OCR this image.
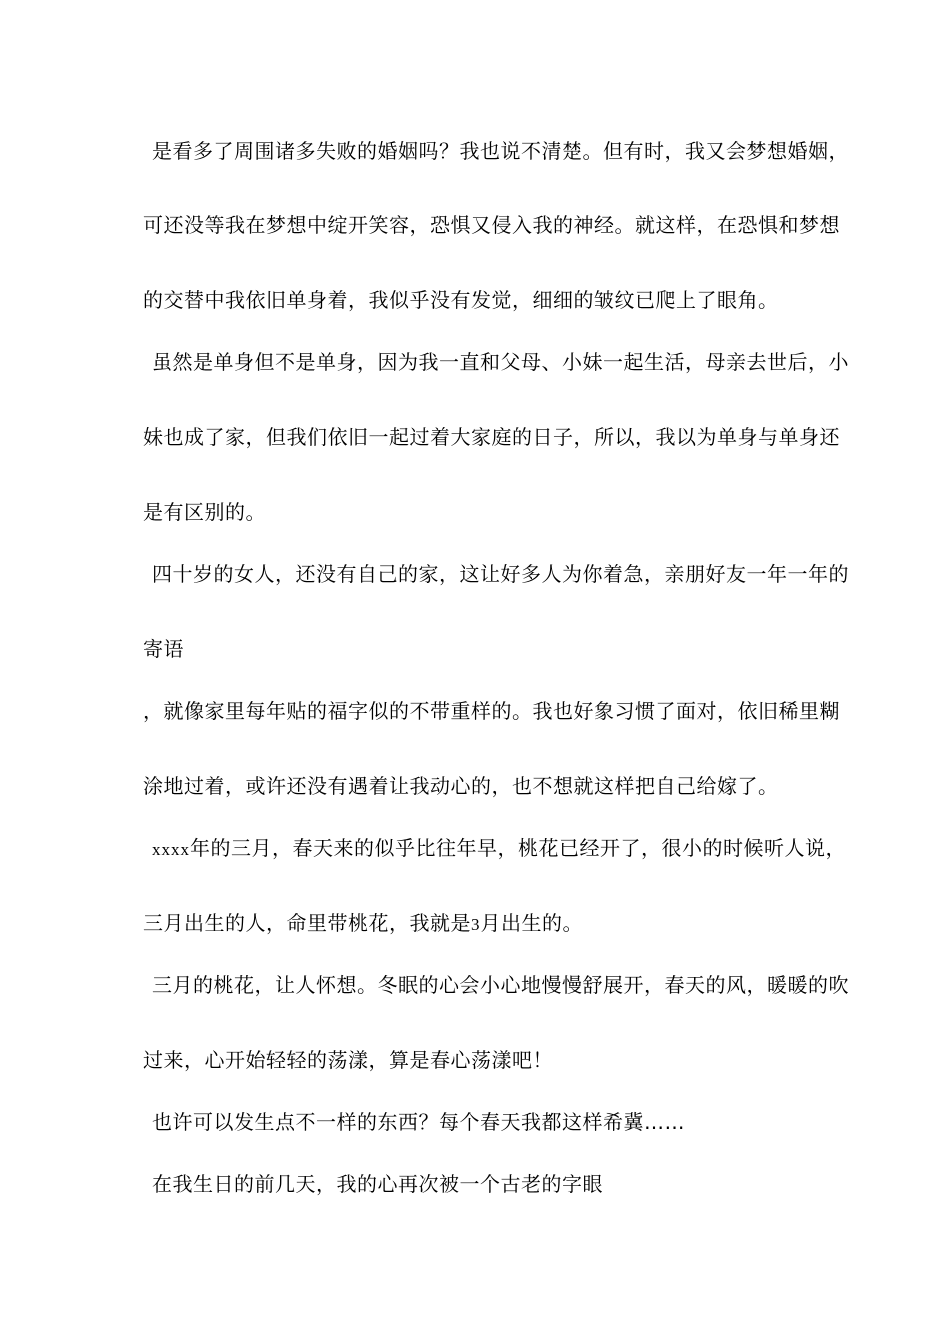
是看多了周围诸多失败的婚姻吗？我也说不清楚。但有时，我又会梦想婚姻，

可还没等我在梦想中绽开笑容，恐惧又侵入我的神经。就这样，在恐惧和梦想

的交替中我依旧单身着，我似乎没有发觉，细细的皱纹已爬上了眼角。

虽然是单身但不是单身，因为我一直和父母、小妹一起生活，母亲去世后，小

妹也成了家，但我们依旧一起过着大家庭的日子，所以，我以为单身与单身还

是有区别的。

四十岁的女人，还没有自己的家，这让好多人为你着急，亲朋好友一年一年的

寄语

，就像家里每年贴的福字似的不带重样的。我也好象习惯了面对，依旧稀里糊

涂地过着，或许还没有遇着让我动心的，也不想就这样把自己给嫁了。

xxxx年的三月，春天来的似乎比往年早，桃花已经开了，很小的时候听人说，

三月出生的人，命里带桃花，我就是3月出生的。

三月的桃花，让人怀想。冬眠的心会小心地慢慢舒展开，春天的风，暖暖的吹

过来，心开始轻轻的荡漾，算是春心荡漾吧！

也许可以发生点不一样的东西？每个春天我都这样希冀……

在我生日的前几天，我的心再次被一个古老的字眼
